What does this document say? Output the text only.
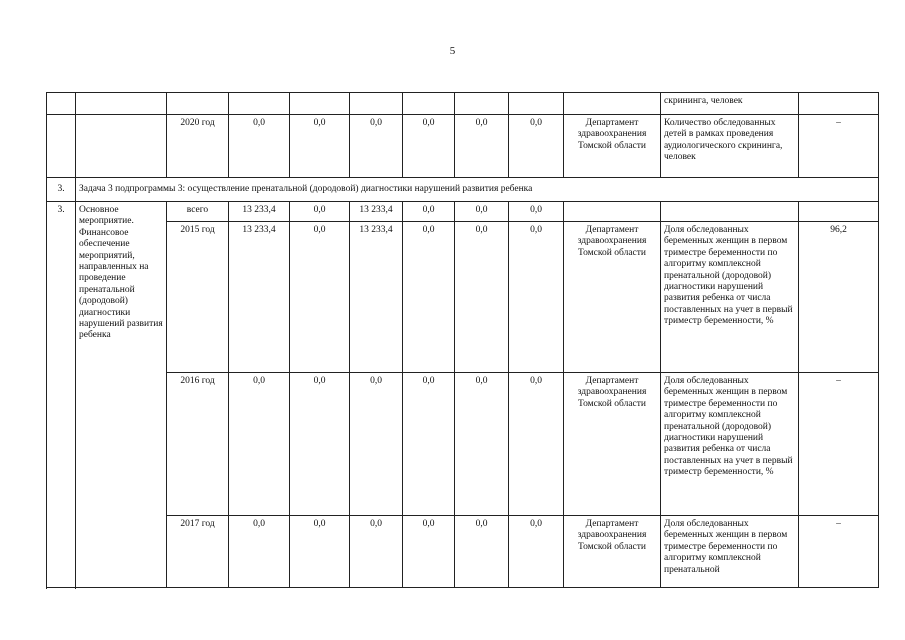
5
										скрининга, человек	
		2020 год	0,0	0,0	0,0	0,0	0,0	0,0	Департамент здравоохранения Томской области	Количество обследованных детей в рамках проведения аудиологического скрининга, человек	–
3.	Задача 3 подпрограммы 3: осуществление пренатальной (дородовой) диагностики нарушений развития ребенка										
3.	Основное мероприятие. Финансовое обеспечение мероприятий, направленных на проведение пренатальной (дородовой) диагностики нарушений развития ребенка	всего	13 233,4	0,0	13 233,4	0,0	0,0	0,0			
		2015 год	13 233,4	0,0	13 233,4	0,0	0,0	0,0	Департамент здравоохранения Томской области	Доля обследованных беременных женщин в первом триместре беременности по алгоритму комплексной пренатальной (дородовой) диагностики нарушений развития ребенка от числа поставленных на учет в первый триместр беременности, %	96,2
		2016 год	0,0	0,0	0,0	0,0	0,0	0,0	Департамент здравоохранения Томской области	Доля обследованных беременных женщин в первом триместре беременности по алгоритму комплексной пренатальной (дородовой) диагностики нарушений развития ребенка от числа поставленных на учет в первый триместр беременности, %	–
		2017 год	0,0	0,0	0,0	0,0	0,0	0,0	Департамент здравоохранения Томской области	Доля обследованных беременных женщин в первом триместре беременности по алгоритму комплексной пренатальной	–
